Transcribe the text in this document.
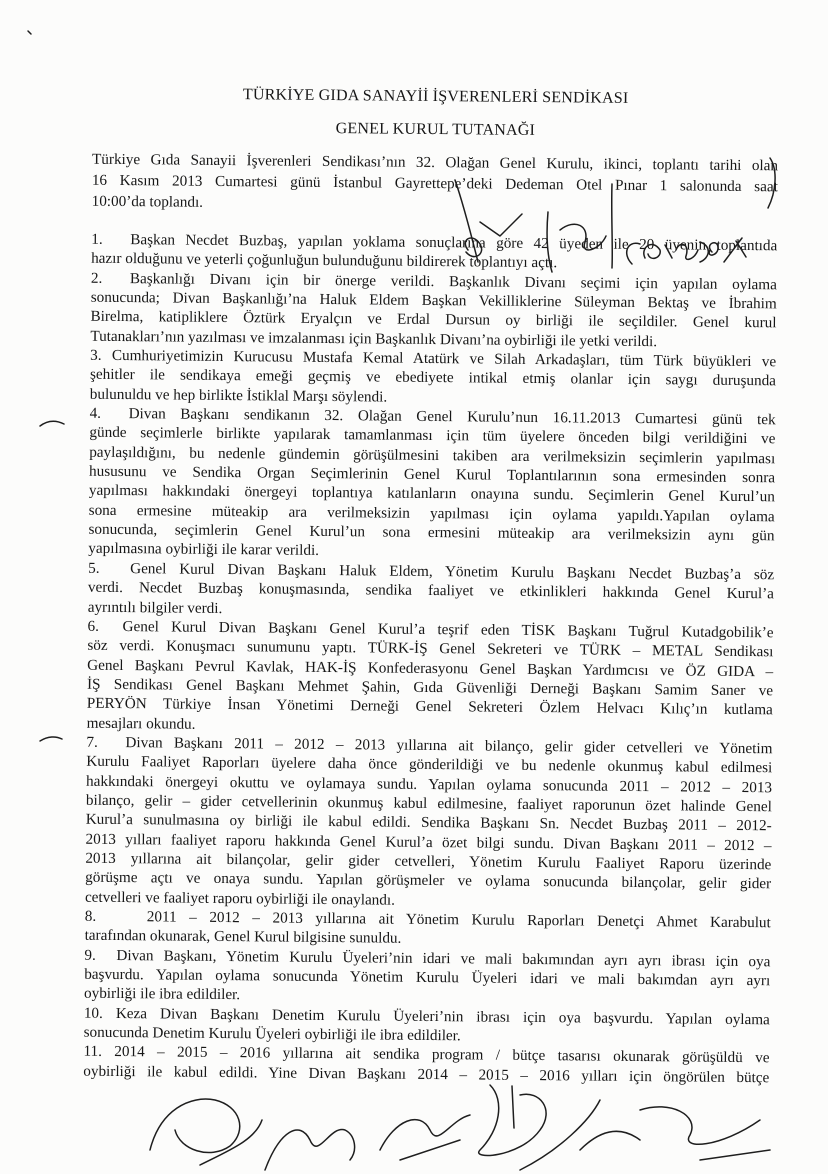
TÜRKİYE GIDA SANAYİİ İŞVERENLERİ SENDİKASI
GENEL KURUL TUTANAĞI
Türkiye Gıda Sanayii İşverenleri Sendikası’nın 32. Olağan Genel Kurulu, ikinci, toplantı tarihi olan
16 Kasım 2013 Cumartesi günü İstanbul Gayrettepe’deki Dedeman Otel Pınar 1 salonunda saat
10:00’da toplandı.
1. Başkan Necdet Buzbaş, yapılan yoklama sonuçlarına göre 42 üyeden ile 20 üyenin toplantıda
hazır olduğunu ve yeterli çoğunluğun bulunduğunu bildirerek toplantıyı açtı.
2. Başkanlığı Divanı için bir önerge verildi. Başkanlık Divanı seçimi için yapılan oylama
sonucunda; Divan Başkanlığı’na Haluk Eldem Başkan Vekilliklerine Süleyman Bektaş ve İbrahim
Birelma, katipliklere Öztürk Eryalçın ve Erdal Dursun oy birliği ile seçildiler. Genel kurul
Tutanakları’nın yazılması ve imzalanması için Başkanlık Divanı’na oybirliği ile yetki verildi.
3. Cumhuriyetimizin Kurucusu Mustafa Kemal Atatürk ve Silah Arkadaşları, tüm Türk büyükleri ve
şehitler ile sendikaya emeği geçmiş ve ebediyete intikal etmiş olanlar için saygı duruşunda
bulunuldu ve hep birlikte İstiklal Marşı söylendi.
4. Divan Başkanı sendikanın 32. Olağan Genel Kurulu’nun 16.11.2013 Cumartesi günü tek
günde seçimlerle birlikte yapılarak tamamlanması için tüm üyelere önceden bilgi verildiğini ve
paylaşıldığını, bu nedenle gündemin görüşülmesini takiben ara verilmeksizin seçimlerin yapılması
hususunu ve Sendika Organ Seçimlerinin Genel Kurul Toplantılarının sona ermesinden sonra
yapılması hakkındaki önergeyi toplantıya katılanların onayına sundu. Seçimlerin Genel Kurul’un
sona ermesine müteakip ara verilmeksizin yapılması için oylama yapıldı.Yapılan oylama
sonucunda, seçimlerin Genel Kurul’un sona ermesini müteakip ara verilmeksizin aynı gün
yapılmasına oybirliği ile karar verildi.
5. Genel Kurul Divan Başkanı Haluk Eldem, Yönetim Kurulu Başkanı Necdet Buzbaş’a söz
verdi. Necdet Buzbaş konuşmasında, sendika faaliyet ve etkinlikleri hakkında Genel Kurul’a
ayrıntılı bilgiler verdi.
6. Genel Kurul Divan Başkanı Genel Kurul’a teşrif eden TİSK Başkanı Tuğrul Kutadgobilik’e
söz verdi. Konuşmacı sunumunu yaptı. TÜRK-İŞ Genel Sekreteri ve TÜRK – METAL Sendikası
Genel Başkanı Pevrul Kavlak, HAK-İŞ Konfederasyonu Genel Başkan Yardımcısı ve ÖZ GIDA –
İŞ Sendikası Genel Başkanı Mehmet Şahin, Gıda Güvenliği Derneği Başkanı Samim Saner ve
PERYÖN Türkiye İnsan Yönetimi Derneği Genel Sekreteri Özlem Helvacı Kılıç’ın kutlama
mesajları okundu.
7. Divan Başkanı 2011 – 2012 – 2013 yıllarına ait bilanço, gelir gider cetvelleri ve Yönetim
Kurulu Faaliyet Raporları üyelere daha önce gönderildiği ve bu nedenle okunmuş kabul edilmesi
hakkındaki önergeyi okuttu ve oylamaya sundu. Yapılan oylama sonucunda 2011 – 2012 – 2013
bilanço, gelir – gider cetvellerinin okunmuş kabul edilmesine, faaliyet raporunun özet halinde Genel
Kurul’a sunulmasına oy birliği ile kabul edildi. Sendika Başkanı Sn. Necdet Buzbaş 2011 – 2012-
2013 yılları faaliyet raporu hakkında Genel Kurul’a özet bilgi sundu. Divan Başkanı 2011 – 2012 –
2013 yıllarına ait bilançolar, gelir gider cetvelleri, Yönetim Kurulu Faaliyet Raporu üzerinde
görüşme açtı ve onaya sundu. Yapılan görüşmeler ve oylama sonucunda bilançolar, gelir gider
cetvelleri ve faaliyet raporu oybirliği ile onaylandı.
8.	2011 – 2012 – 2013 yıllarına ait Yönetim Kurulu Raporları Denetçi Ahmet Karabulut
tarafından okunarak, Genel Kurul bilgisine sunuldu.
9. Divan Başkanı, Yönetim Kurulu Üyeleri’nin idari ve mali bakımından ayrı ayrı ibrası için oya
başvurdu. Yapılan oylama sonucunda Yönetim Kurulu Üyeleri idari ve mali bakımdan ayrı ayrı
oybirliği ile ibra edildiler.
10. Keza Divan Başkanı Denetim Kurulu Üyeleri’nin ibrası için oya başvurdu. Yapılan oylama
sonucunda Denetim Kurulu Üyeleri oybirliği ile ibra edildiler.
11. 2014 – 2015 – 2016 yıllarına ait sendika program / bütçe tasarısı okunarak görüşüldü ve
oybirliği ile kabul edildi. Yine Divan Başkanı 2014 – 2015 – 2016 yılları için öngörülen bütçe
